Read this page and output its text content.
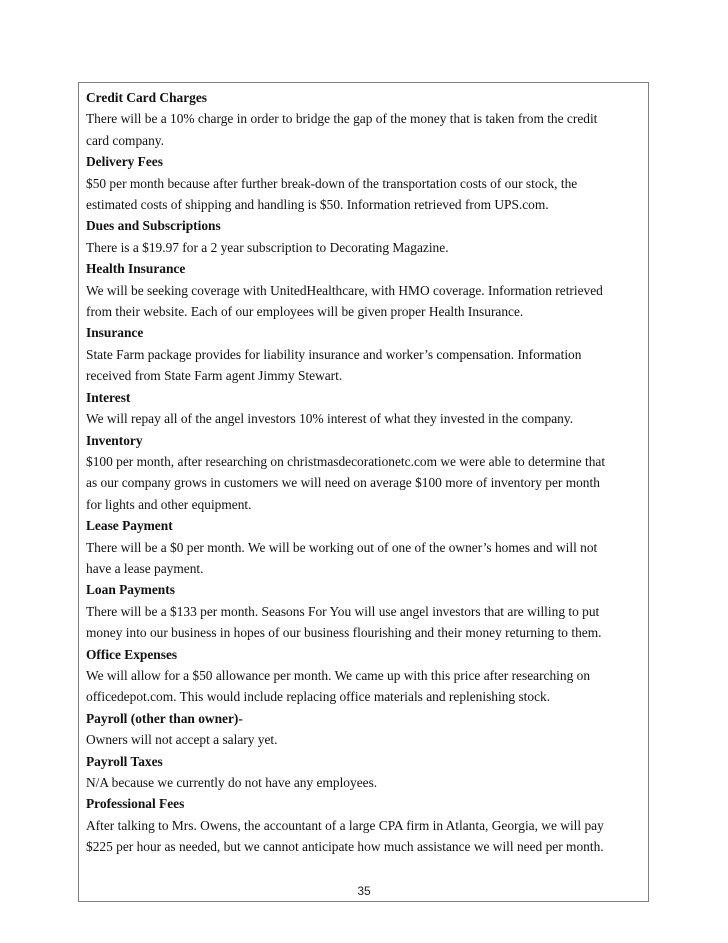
Credit Card Charges

There will be a 10% charge in order to bridge the gap of the money that is taken from the credit
card company.

Delivery Fees

$50 per month because after further break-down of the transportation costs of our stock, the
estimated costs of shipping and handling is $50. Information retrieved from UPS.com.

Dues and Subscriptions

There is a $19.97 for a 2 year subscription to Decorating Magazine.

Health Insurance

We will be seeking coverage with UnitedHealthcare, with HMO coverage. Information retrieved
from their website. Each of our employees will be given proper Health Insurance.

Insurance

State Farm package provides for liability insurance and worker’s compensation. Information
received from State Farm agent Jimmy Stewart.

Interest

We will repay all of the angel investors 10% interest of what they invested in the company.

Inventory

$100 per month, after researching on christmasdecorationetc.com we were able to determine that
as our company grows in customers we will need on average $100 more of inventory per month
for lights and other equipment.

Lease Payment

There will be a $0 per month. We will be working out of one of the owner’s homes and will not
have a lease payment.

Loan Payments

There will be a $133 per month. Seasons For You will use angel investors that are willing to put
money into our business in hopes of our business flourishing and their money returning to them.

Office Expenses

We will allow for a $50 allowance per month. We came up with this price after researching on
officedepot.com. This would include replacing office materials and replenishing stock.

Payroll (other than owner)-

Owners will not accept a salary yet.

Payroll Taxes

N/A because we currently do not have any employees.

Professional Fees

After talking to Mrs. Owens, the accountant of a large CPA firm in Atlanta, Georgia, we will pay
$225 per hour as needed, but we cannot anticipate how much assistance we will need per month.

35
